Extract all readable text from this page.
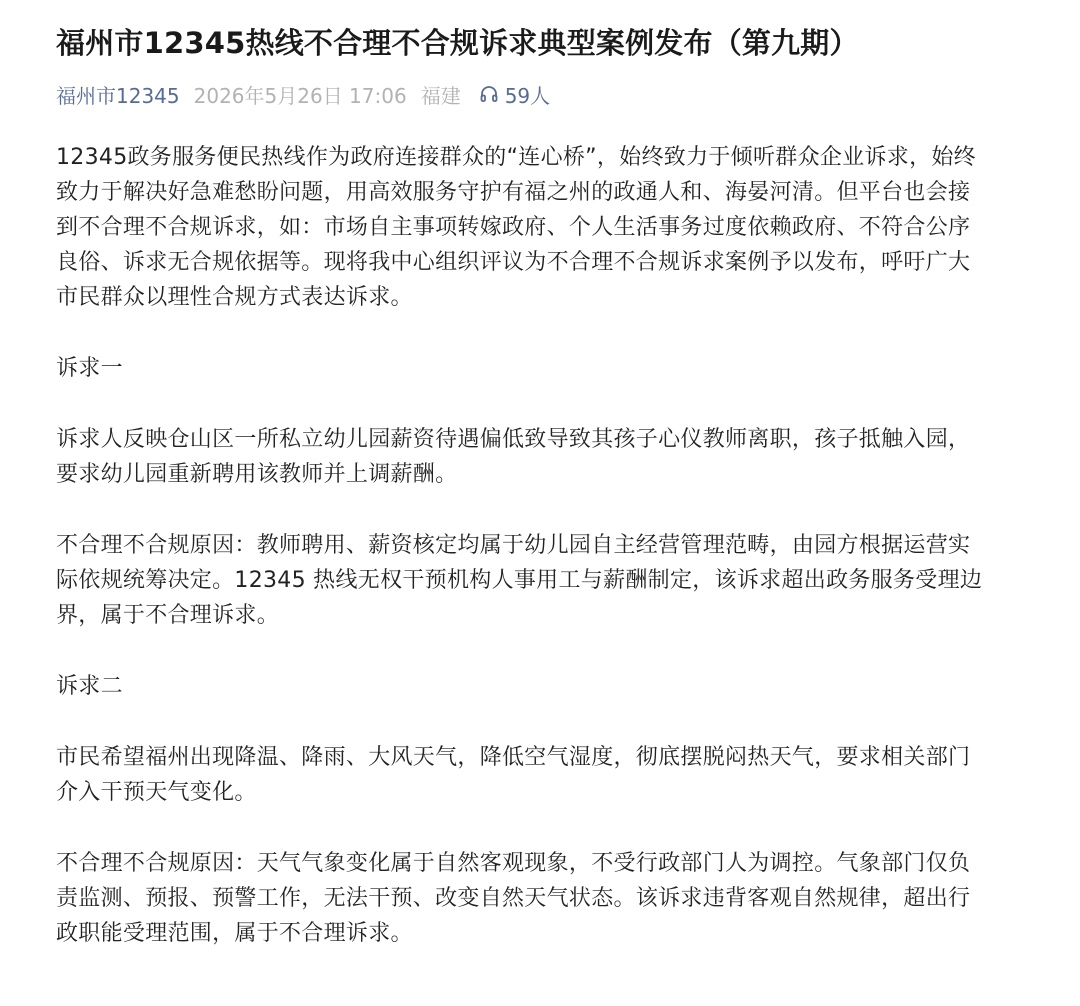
福州市12345热线不合理不合规诉求典型案例发布（第九期）
福州市12345 2026年5月26日 17:06 福建 59人

12345政务服务便民热线作为政府连接群众的“连心桥”，始终致力于倾听群众企业诉求，始终致力于解决好急难愁盼问题，用高效服务守护有福之州的政通人和、海晏河清。但平台也会接到不合理不合规诉求，如：市场自主事项转嫁政府、个人生活事务过度依赖政府、不符合公序良俗、诉求无合规依据等。现将我中心组织评议为不合理不合规诉求案例予以发布，呼吁广大市民群众以理性合规方式表达诉求。

诉求一

诉求人反映仓山区一所私立幼儿园薪资待遇偏低致导致其孩子心仪教师离职，孩子抵触入园，要求幼儿园重新聘用该教师并上调薪酬。

不合理不合规原因：教师聘用、薪资核定均属于幼儿园自主经营管理范畴，由园方根据运营实际依规统筹决定。12345 热线无权干预机构人事用工与薪酬制定，该诉求超出政务服务受理边界，属于不合理诉求。

诉求二

市民希望福州出现降温、降雨、大风天气，降低空气湿度，彻底摆脱闷热天气，要求相关部门介入干预天气变化。

不合理不合规原因：天气气象变化属于自然客观现象，不受行政部门人为调控。气象部门仅负责监测、预报、预警工作，无法干预、改变自然天气状态。该诉求违背客观自然规律，超出行政职能受理范围，属于不合理诉求。
